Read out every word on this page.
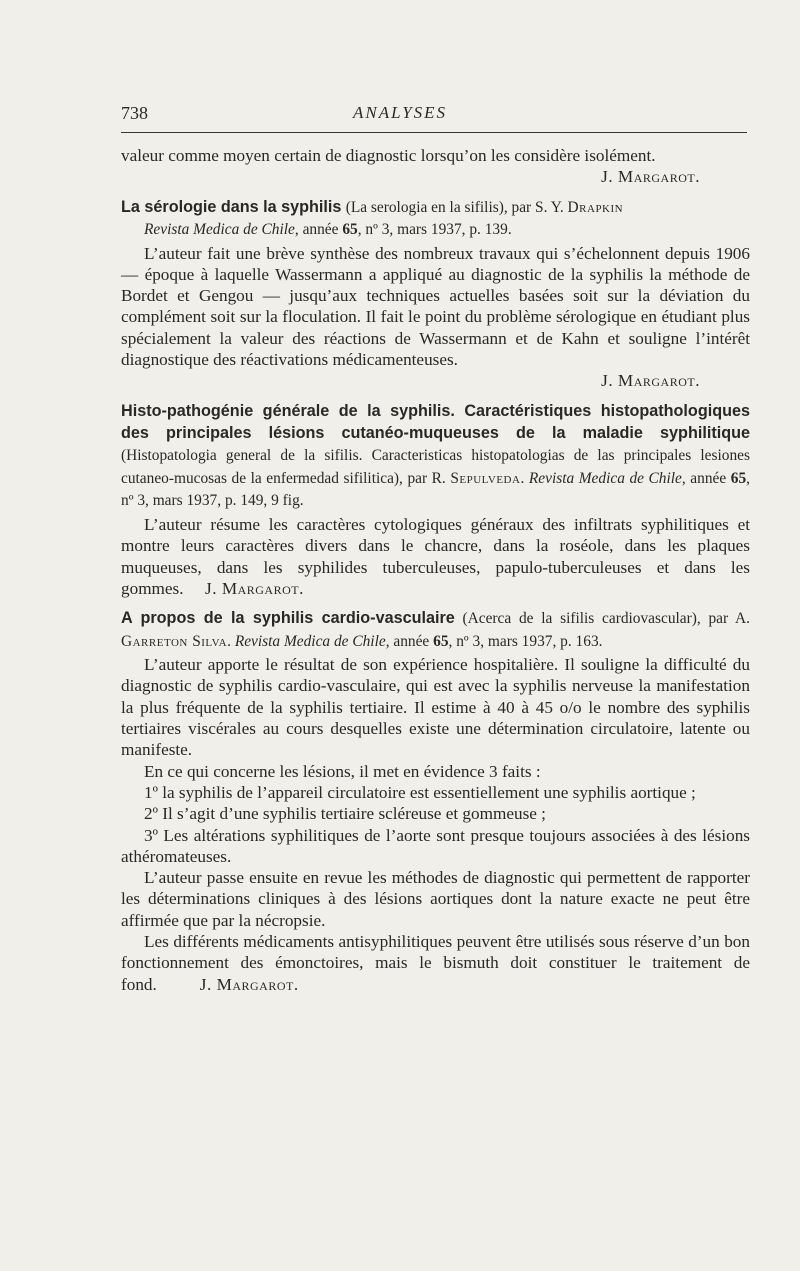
738	ANALYSES

valeur comme moyen certain de diagnostic lorsqu’on les considère isolément.

J. Margarot.

La sérologie dans la syphilis (La serologia en la sifilis), par S. Y. Drapkin
Revista Medica de Chile, année 65, nº 3, mars 1937, p. 139.

L’auteur fait une brève synthèse des nombreux travaux qui s’échelonnent depuis 1906 — époque à laquelle Wassermann a appliqué au diagnostic de la syphilis la méthode de Bordet et Gengou — jusqu’aux techniques actuelles basées soit sur la déviation du complément soit sur la floculation. Il fait le point du problème sérologique en étudiant plus spécialement la valeur des réactions de Wassermann et de Kahn et souligne l’intérêt diagnostique des réactivations médicamenteuses.

J. Margarot.

Histo-pathogénie générale de la syphilis. Caractéristiques histopathologiques des principales lésions cutanéo-muqueuses de la maladie syphilitique (Histopatologia general de la sifilis. Caracteristicas histopatologias de las principales lesiones cutaneo-mucosas de la enfermedad sifilitica), par R. Sepulveda. Revista Medica de Chile, année 65, nº 3, mars 1937, p. 149, 9 fig.

L’auteur résume les caractères cytologiques généraux des infiltrats syphilitiques et montre leurs caractères divers dans le chancre, dans la roséole, dans les plaques muqueuses, dans les syphilides tuberculeuses, papulo-tuberculeuses et dans les gommes. J. Margarot.

A propos de la syphilis cardio-vasculaire (Acerca de la sifilis cardiovascular), par A. Garreton Silva. Revista Medica de Chile, année 65, nº 3, mars 1937, p. 163.

L’auteur apporte le résultat de son expérience hospitalière. Il souligne la difficulté du diagnostic de syphilis cardio-vasculaire, qui est avec la syphilis nerveuse la manifestation la plus fréquente de la syphilis tertiaire. Il estime à 40 à 45 o/o le nombre des syphilis tertiaires viscérales au cours desquelles existe une détermination circulatoire, latente ou manifeste.

En ce qui concerne les lésions, il met en évidence 3 faits :

1º la syphilis de l’appareil circulatoire est essentiellement une syphilis aortique ;

2º Il s’agit d’une syphilis tertiaire scléreuse et gommeuse ;

3º Les altérations syphilitiques de l’aorte sont presque toujours associées à des lésions athéromateuses.

L’auteur passe ensuite en revue les méthodes de diagnostic qui permettent de rapporter les déterminations cliniques à des lésions aortiques dont la nature exacte ne peut être affirmée que par la nécropsie.

Les différents médicaments antisyphilitiques peuvent être utilisés sous réserve d’un bon fonctionnement des émonctoires, mais le bismuth doit constituer le traitement de fond. J. Margarot.
